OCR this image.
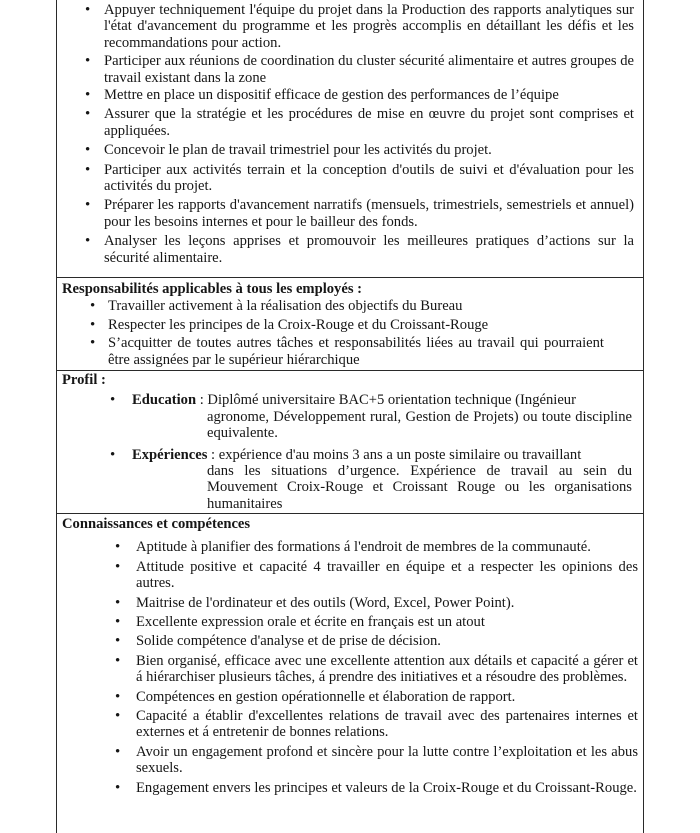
• Appuyer techniquement l'équipe du projet dans la Production des rapports analytiques sur l'état d'avancement du programme et les progrès accomplis en détaillant les défis et les recommandations pour action.
• Participer aux réunions de coordination du cluster sécurité alimentaire et autres groupes de travail existant dans la zone
• Mettre en place un dispositif efficace de gestion des performances de l’équipe
• Assurer que la stratégie et les procédures de mise en œuvre du projet sont comprises et appliquées.
• Concevoir le plan de travail trimestriel pour les activités du projet.
• Participer aux activités terrain et la conception d'outils de suivi et d'évaluation pour les activités du projet.
• Préparer les rapports d'avancement narratifs (mensuels, trimestriels, semestriels et annuel) pour les besoins internes et pour le bailleur des fonds.
• Analyser les leçons apprises et promouvoir les meilleures pratiques d’actions sur la sécurité alimentaire.
Responsabilités applicables à tous les employés :
• Travailler activement à la réalisation des objectifs du Bureau
• Respecter les principes de la Croix-Rouge et du Croissant-Rouge
• S’acquitter de toutes autres tâches et responsabilités liées au travail qui pourraient être assignées par le supérieur hiérarchique
Profil :
• Education : Diplômé universitaire BAC+5 orientation technique (Ingénieur
agronome, Développement rural, Gestion de Projets) ou toute discipline equivalente.
• Expériences : expérience d'au moins 3 ans a un poste similaire ou travaillant
dans les situations d’urgence. Expérience de travail au sein du Mouvement Croix-Rouge et Croissant Rouge ou les organisations humanitaires
Connaissances et compétences
• Aptitude à planifier des formations á l'endroit de membres de la communauté.
• Attitude positive et capacité 4 travailler en équipe et a respecter les opinions des autres.
• Maitrise de l'ordinateur et des outils (Word, Excel, Power Point).
• Excellente expression orale et écrite en français est un atout
• Solide compétence d'analyse et de prise de décision.
• Bien organisé, efficace avec une excellente attention aux détails et capacité a gérer et á hiérarchiser plusieurs tâches, á prendre des initiatives et a résoudre des problèmes.
• Compétences en gestion opérationnelle et élaboration de rapport.
• Capacité a établir d'excellentes relations de travail avec des partenaires internes et externes et á entretenir de bonnes relations.
• Avoir un engagement profond et sincère pour la lutte contre l’exploitation et les abus sexuels.
• Engagement envers les principes et valeurs de la Croix-Rouge et du Croissant-Rouge.
